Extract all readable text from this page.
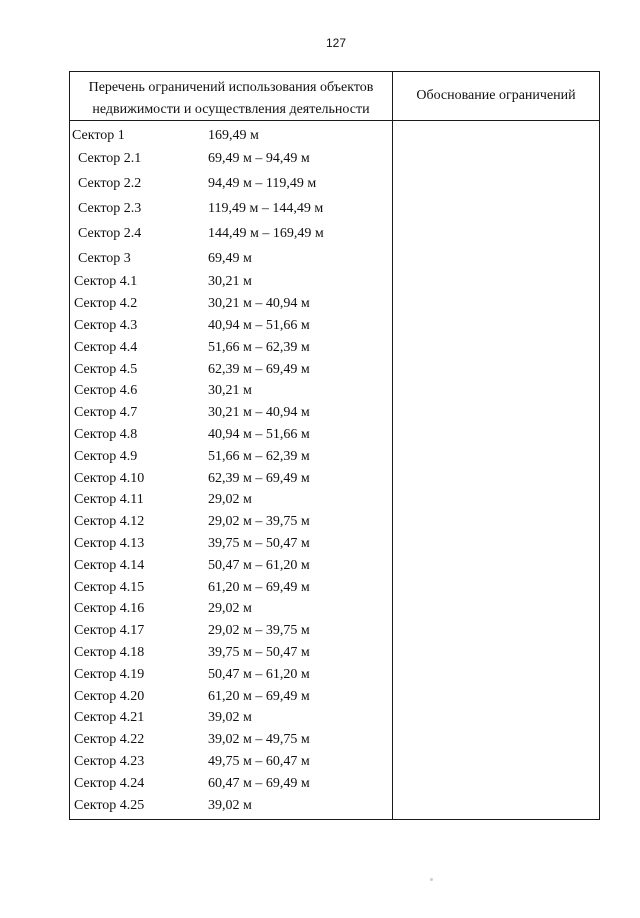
127
Перечень ограничений использования объектов
недвижимости и осуществления деятельности
Обоснование ограничений
Сектор 1	169,49 м
Сектор 2.1	69,49 м – 94,49 м
Сектор 2.2	94,49 м – 119,49 м
Сектор 2.3	119,49 м – 144,49 м
Сектор 2.4	144,49 м – 169,49 м
Сектор 3	69,49 м
Сектор 4.1	30,21 м
Сектор 4.2	30,21 м – 40,94 м
Сектор 4.3	40,94 м – 51,66 м
Сектор 4.4	51,66 м – 62,39 м
Сектор 4.5	62,39 м – 69,49 м
Сектор 4.6	30,21 м
Сектор 4.7	30,21 м – 40,94 м
Сектор 4.8	40,94 м – 51,66 м
Сектор 4.9	51,66 м – 62,39 м
Сектор 4.10	62,39 м – 69,49 м
Сектор 4.11	29,02 м
Сектор 4.12	29,02 м – 39,75 м
Сектор 4.13	39,75 м – 50,47 м
Сектор 4.14	50,47 м – 61,20 м
Сектор 4.15	61,20 м – 69,49 м
Сектор 4.16	29,02 м
Сектор 4.17	29,02 м – 39,75 м
Сектор 4.18	39,75 м – 50,47 м
Сектор 4.19	50,47 м – 61,20 м
Сектор 4.20	61,20 м – 69,49 м
Сектор 4.21	39,02 м
Сектор 4.22	39,02 м – 49,75 м
Сектор 4.23	49,75 м – 60,47 м
Сектор 4.24	60,47 м – 69,49 м
Сектор 4.25	39,02 м
